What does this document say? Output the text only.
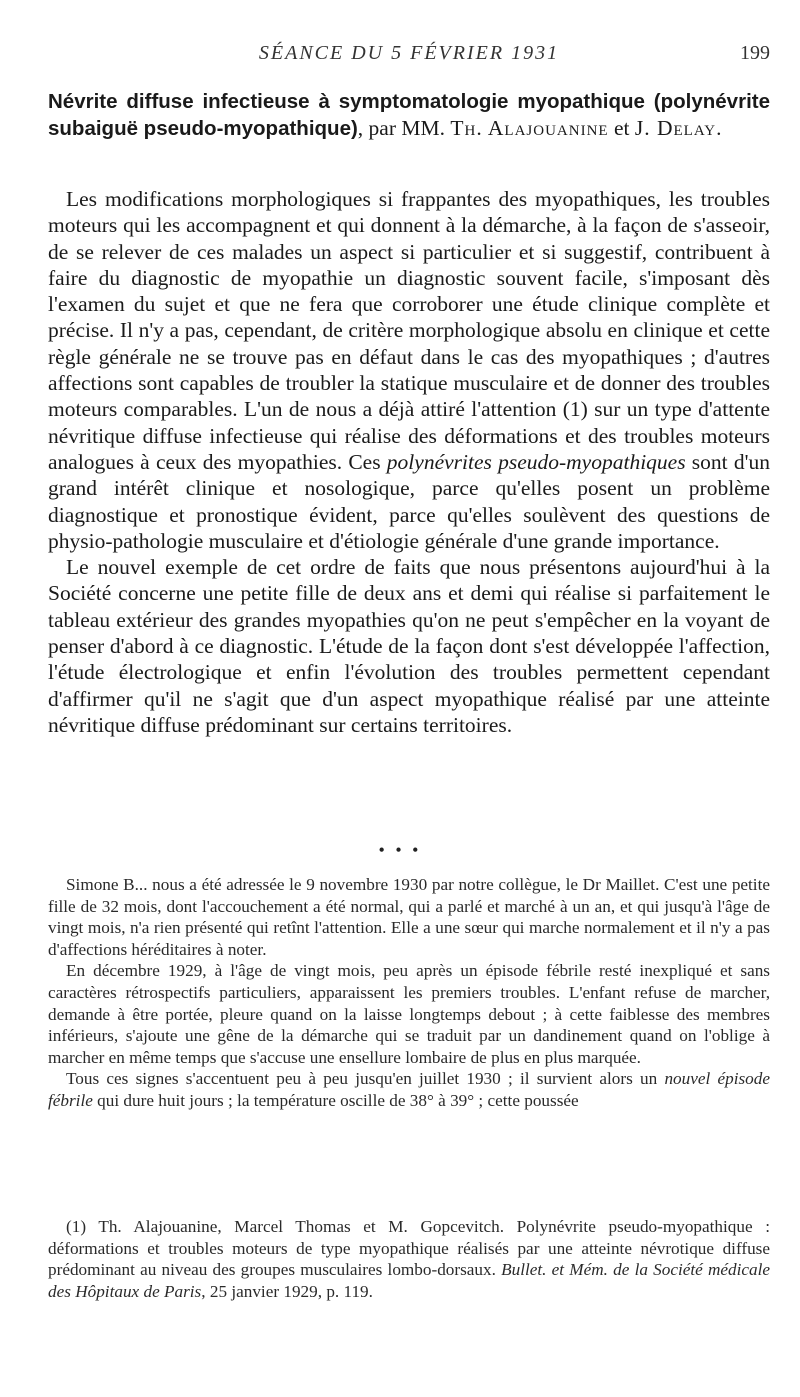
SÉANCE DU 5 FÉVRIER 1931	199
Névrite diffuse infectieuse à symptomatologie myopathique (polynévrite subaiguë pseudo-myopathique), par MM. Th. Alajouanine et J. Delay.

Les modifications morphologiques si frappantes des myopathiques, les troubles moteurs qui les accompagnent et qui donnent à la démarche, à la façon de s'asseoir, de se relever de ces malades un aspect si particulier et si suggestif, contribuent à faire du diagnostic de myopathie un diagnostic souvent facile, s'imposant dès l'examen du sujet et que ne fera que corroborer une étude clinique complète et précise. Il n'y a pas, cependant, de critère morphologique absolu en clinique et cette règle générale ne se trouve pas en défaut dans le cas des myopathiques ; d'autres affections sont capables de troubler la statique musculaire et de donner des troubles moteurs comparables. L'un de nous a déjà attiré l'attention (1) sur un type d'attente névritique diffuse infectieuse qui réalise des déformations et des troubles moteurs analogues à ceux des myopathies. Ces polynévrites pseudo-myopathiques sont d'un grand intérêt clinique et nosologique, parce qu'elles posent un problème diagnostique et pronostique évident, parce qu'elles soulèvent des questions de physio-pathologie musculaire et d'étiologie générale d'une grande importance.

Le nouvel exemple de cet ordre de faits que nous présentons aujourd'hui à la Société concerne une petite fille de deux ans et demi qui réalise si parfaitement le tableau extérieur des grandes myopathies qu'on ne peut s'empêcher en la voyant de penser d'abord à ce diagnostic. L'étude de la façon dont s'est développée l'affection, l'étude électrologique et enfin l'évolution des troubles permettent cependant d'affirmer qu'il ne s'agit que d'un aspect myopathique réalisé par une atteinte névritique diffuse prédominant sur certains territoires.

• • •

Simone B... nous a été adressée le 9 novembre 1930 par notre collègue, le Dr Maillet. C'est une petite fille de 32 mois, dont l'accouchement a été normal, qui a parlé et marché à un an, et qui jusqu'à l'âge de vingt mois, n'a rien présenté qui retînt l'attention. Elle a une sœur qui marche normalement et il n'y a pas d'affections héréditaires à noter.

En décembre 1929, à l'âge de vingt mois, peu après un épisode fébrile resté inexpliqué et sans caractères rétrospectifs particuliers, apparaissent les premiers troubles. L'enfant refuse de marcher, demande à être portée, pleure quand on la laisse longtemps debout ; à cette faiblesse des membres inférieurs, s'ajoute une gêne de la démarche qui se traduit par un dandinement quand on l'oblige à marcher en même temps que s'accuse une ensellure lombaire de plus en plus marquée.

Tous ces signes s'accentuent peu à peu jusqu'en juillet 1930 ; il survient alors un nouvel épisode fébrile qui dure huit jours ; la température oscille de 38° à 39° ; cette poussée

(1) Th. Alajouanine, Marcel Thomas et M. Gopcevitch. Polynévrite pseudo-myopathique : déformations et troubles moteurs de type myopathique réalisés par une atteinte névrotique diffuse prédominant au niveau des groupes musculaires lombo-dorsaux. Bullet. et Mém. de la Société médicale des Hôpitaux de Paris, 25 janvier 1929, p. 119.
